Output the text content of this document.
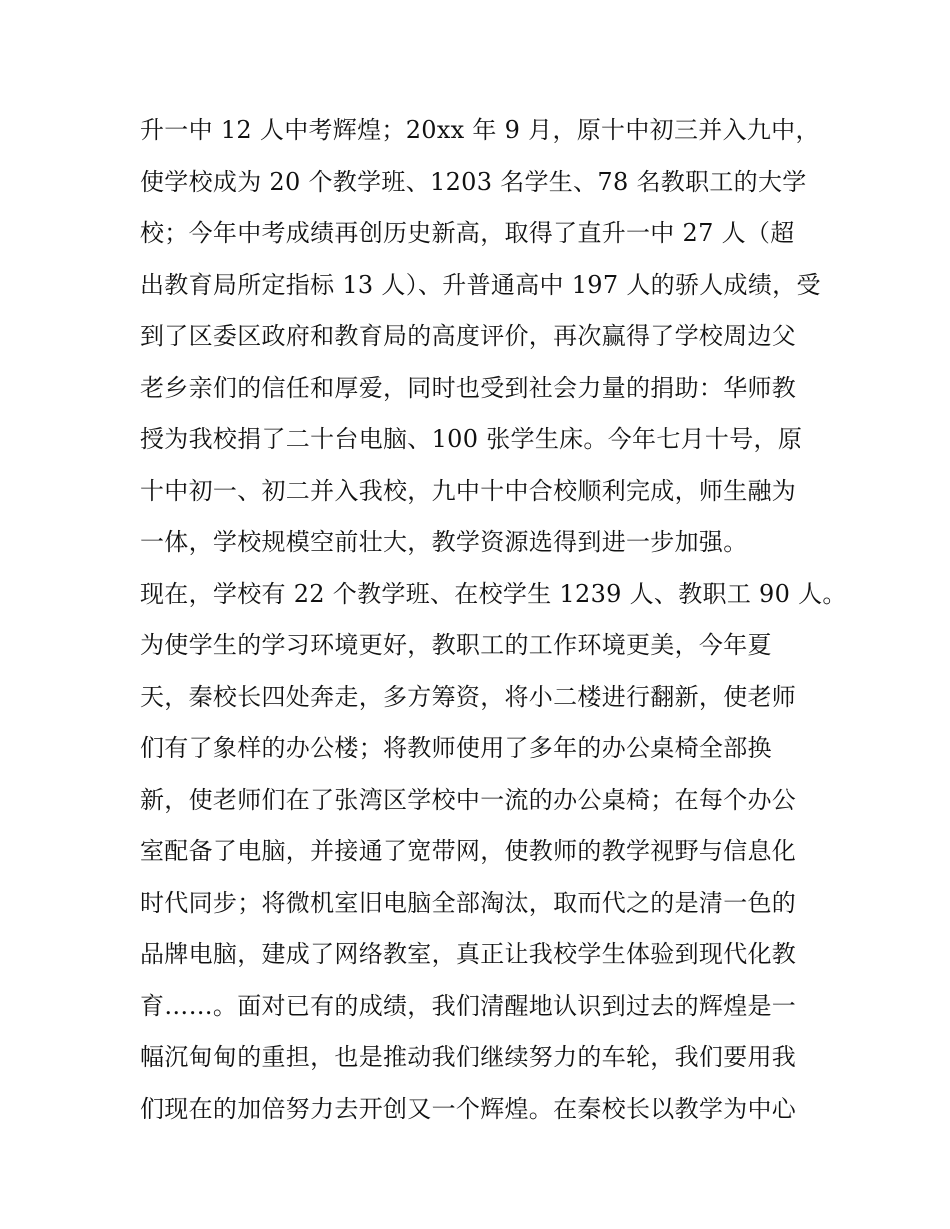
升一中 12 人中考辉煌；20xx 年 9 月，原十中初三并入九中，
使学校成为 20 个教学班、1203 名学生、78 名教职工的大学
校；今年中考成绩再创历史新高，取得了直升一中 27 人（超
出教育局所定指标 13 人）、升普通高中 197 人的骄人成绩，受
到了区委区政府和教育局的高度评价，再次赢得了学校周边父
老乡亲们的信任和厚爱，同时也受到社会力量的捐助：华师教
授为我校捐了二十台电脑、100 张学生床。今年七月十号，原
十中初一、初二并入我校，九中十中合校顺利完成，师生融为
一体，学校规模空前壮大，教学资源选得到进一步加强。
现在，学校有 22 个教学班、在校学生 1239 人、教职工 90 人。
为使学生的学习环境更好，教职工的工作环境更美，今年夏
天，秦校长四处奔走，多方筹资，将小二楼进行翻新，使老师
们有了象样的办公楼；将教师使用了多年的办公桌椅全部换
新，使老师们在了张湾区学校中一流的办公桌椅；在每个办公
室配备了电脑，并接通了宽带网，使教师的教学视野与信息化
时代同步；将微机室旧电脑全部淘汰，取而代之的是清一色的
品牌电脑，建成了网络教室，真正让我校学生体验到现代化教
育……。面对已有的成绩，我们清醒地认识到过去的辉煌是一
幅沉甸甸的重担，也是推动我们继续努力的车轮，我们要用我
们现在的加倍努力去开创又一个辉煌。在秦校长以教学为中心
